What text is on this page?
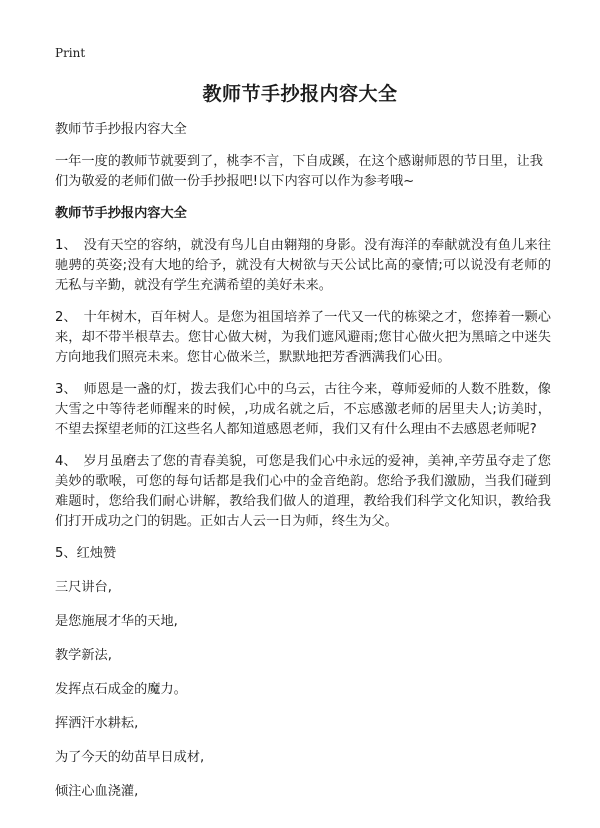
Print
教师节手抄报内容大全

教师节手抄报内容大全

一年一度的教师节就要到了，桃李不言，下自成蹊，在这个感谢师恩的节日里，让我们为敬爱的老师们做一份手抄报吧!以下内容可以作为参考哦~

教师节手抄报内容大全

1、　没有天空的容纳，就没有鸟儿自由翱翔的身影。没有海洋的奉献就没有鱼儿来往驰骋的英姿;没有大地的给予，就没有大树欲与天公试比高的豪情;可以说没有老师的无私与辛勤，就没有学生充满希望的美好未来。

2、　十年树木，百年树人。是您为祖国培养了一代又一代的栋梁之才，您捧着一颗心来，却不带半根草去。您甘心做大树，为我们遮风避雨;您甘心做火把为黑暗之中迷失方向地我们照亮未来。您甘心做米兰，默默地把芳香洒满我们心田。

3、　师恩是一盏的灯，拨去我们心中的乌云，古往今来，尊师爱师的人数不胜数，像大雪之中等待老师醒来的时候，,功成名就之后，不忘感激老师的居里夫人;访美时，不望去探望老师的江这些名人都知道感恩老师，我们又有什么理由不去感恩老师呢?

4、　岁月虽磨去了您的青春美貌，可您是我们心中永远的爱神，美神,辛劳虽夺走了您美妙的歌喉，可您的每句话都是我们心中的金音绝韵。您给予我们激励，当我们碰到难题时，您给我们耐心讲解，教给我们做人的道理，教给我们科学文化知识，教给我们打开成功之门的钥匙。正如古人云一日为师，终生为父。

5、红烛赞

三尺讲台,

是您施展才华的天地,

教学新法,

发挥点石成金的魔力。

挥洒汗水耕耘,

为了今天的幼苗早日成材,

倾注心血浇灌,
